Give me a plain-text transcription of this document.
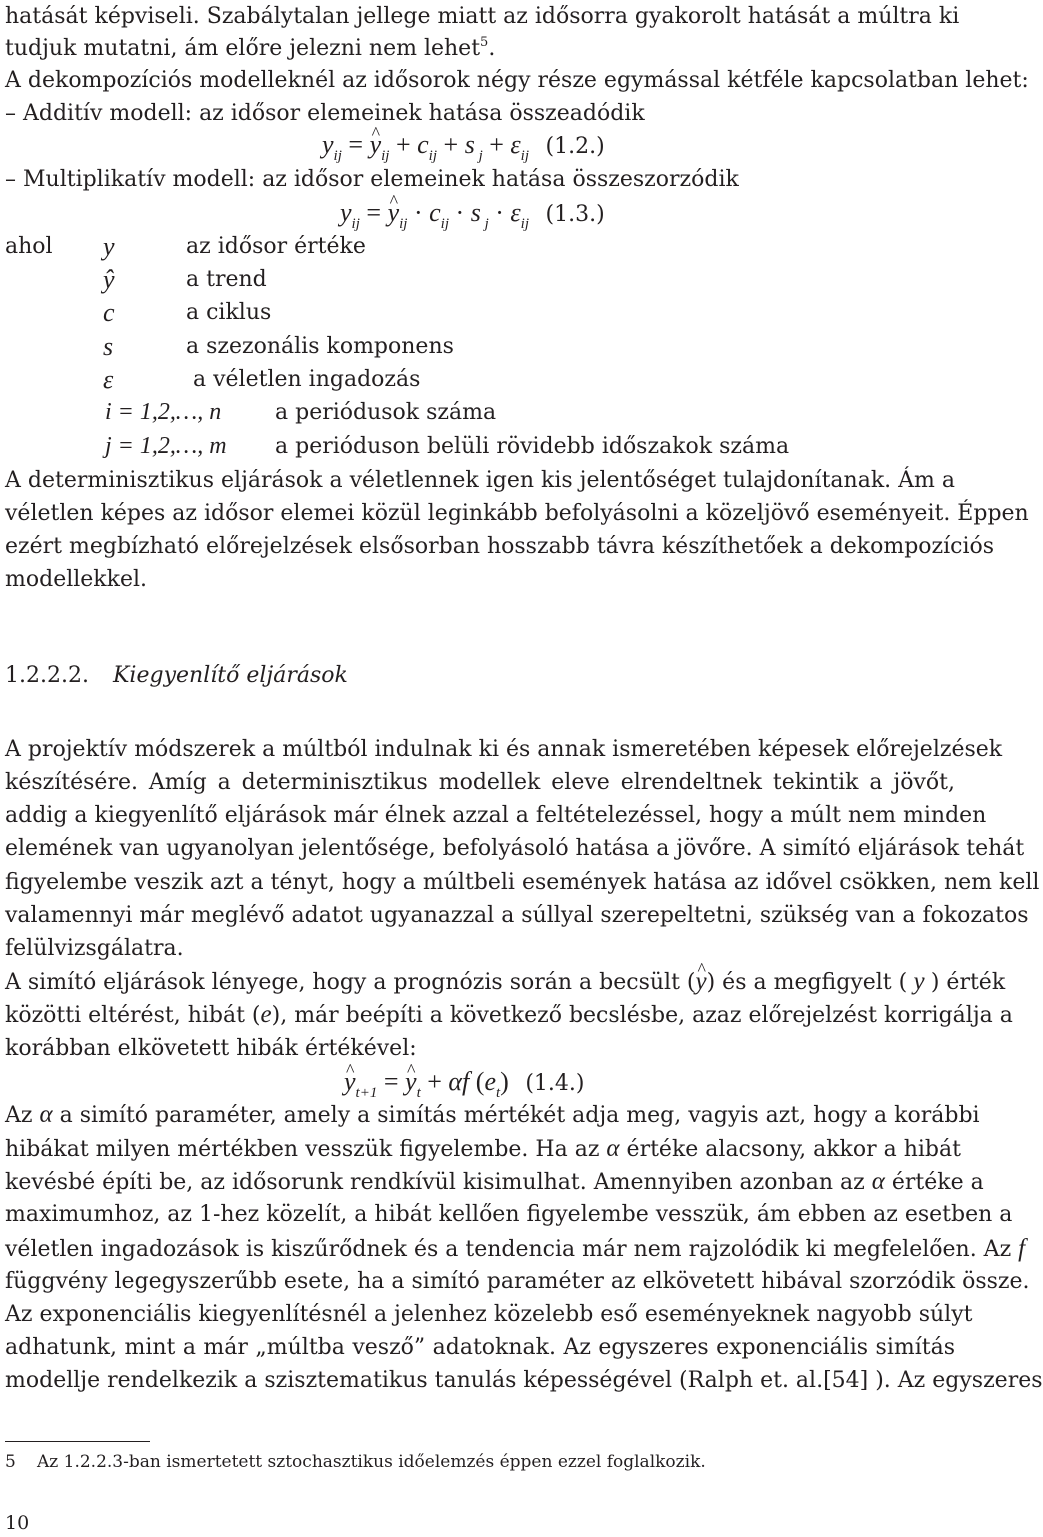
hatását képviseli. Szabálytalan jellege miatt az idősorra gyakorolt hatását a múltra ki
tudjuk mutatni, ám előre jelezni nem lehet$^5$.
A dekompozíciós modelleknél az idősorok négy része egymással kétféle kapcsolatban lehet:
– Additív modell: az idősor elemeinek hatása összeadódik
$y_{ij}$ = ^ $y_{ij} + c_{ij} + s$ $_j + \varepsilon_{ij}$ (1.2.)
– Multiplikatív modell: az idősor elemeinek hatása összeszorzódik
$y_{ij}$ = ^ $y_{ij} \cdot c_{ij} \cdot s$ $_j \cdot \varepsilon_{ij}$ (1.3.)
ahol y	az idősor értéke
ŷ	a trend
c	a ciklus
s	a szezonális komponens
ε	a véletlen ingadozás
i = 1,2,…, n a periódusok száma
j = 1,2,…, m a perióduson belüli rövidebb időszakok száma
A determinisztikus eljárások a véletlennek igen kis jelentőséget tulajdonítanak. Ám a
véletlen képes az idősor elemei közül leginkább befolyásolni a közeljövő eseményeit. Éppen
ezért megbízható előrejelzések elsősorban hosszabb távra készíthetőek a dekompozíciós
modellekkel.
1.2.2.2. Kiegyenlítő eljárások
A projektív módszerek a múltból indulnak ki és annak ismeretében képesek előrejelzések
készítésére. Amíg a determinisztikus modellek eleve elrendeltnek tekintik a jövőt,
addig a kiegyenlítő eljárások már élnek azzal a feltételezéssel, hogy a múlt nem minden
elemének van ugyanolyan jelentősége, befolyásoló hatása a jövőre. A simító eljárások tehát
figyelembe veszik azt a tényt, hogy a múltbeli események hatása az idővel csökken, nem kell
valamennyi már meglévő adatot ugyanazzal a súllyal szerepeltetni, szükség van a fokozatos
felülvizsgálatra.
A simító eljárások lényege, hogy a prognózis során a becsült (^ y) és a megfigyelt ( y ) érték
közötti eltérést, hibát (e), már beépíti a következő becslésbe, azaz előrejelzést korrigálja a
korábban elkövetett hibák értékével:
^ $y_{t+1}$ = ^ $y_t + \alpha f$ $(e_t)$ (1.4.)
Az α a simító paraméter, amely a simítás mértékét adja meg, vagyis azt, hogy a korábbi
hibákat milyen mértékben vesszük figyelembe. Ha az α értéke alacsony, akkor a hibát
kevésbé építi be, az idősorunk rendkívül kisimulhat. Amennyiben azonban az α értéke a
maximumhoz, az 1-hez közelít, a hibát kellően figyelembe vesszük, ám ebben az esetben a
véletlen ingadozások is kiszűrődnek és a tendencia már nem rajzolódik ki megfelelően. Az f
függvény legegyszerűbb esete, ha a simító paraméter az elkövetett hibával szorzódik össze.
Az exponenciális kiegyenlítésnél a jelenhez közelebb eső eseményeknek nagyobb súlyt
adhatunk, mint a már „múltba vesző” adatoknak. Az egyszeres exponenciális simítás
modellje rendelkezik a szisztematikus tanulás képességével (Ralph et. al.[54] ). Az egyszeres
5 Az 1.2.2.3-ban ismertetett sztochasztikus időelemzés éppen ezzel foglalkozik.
10
